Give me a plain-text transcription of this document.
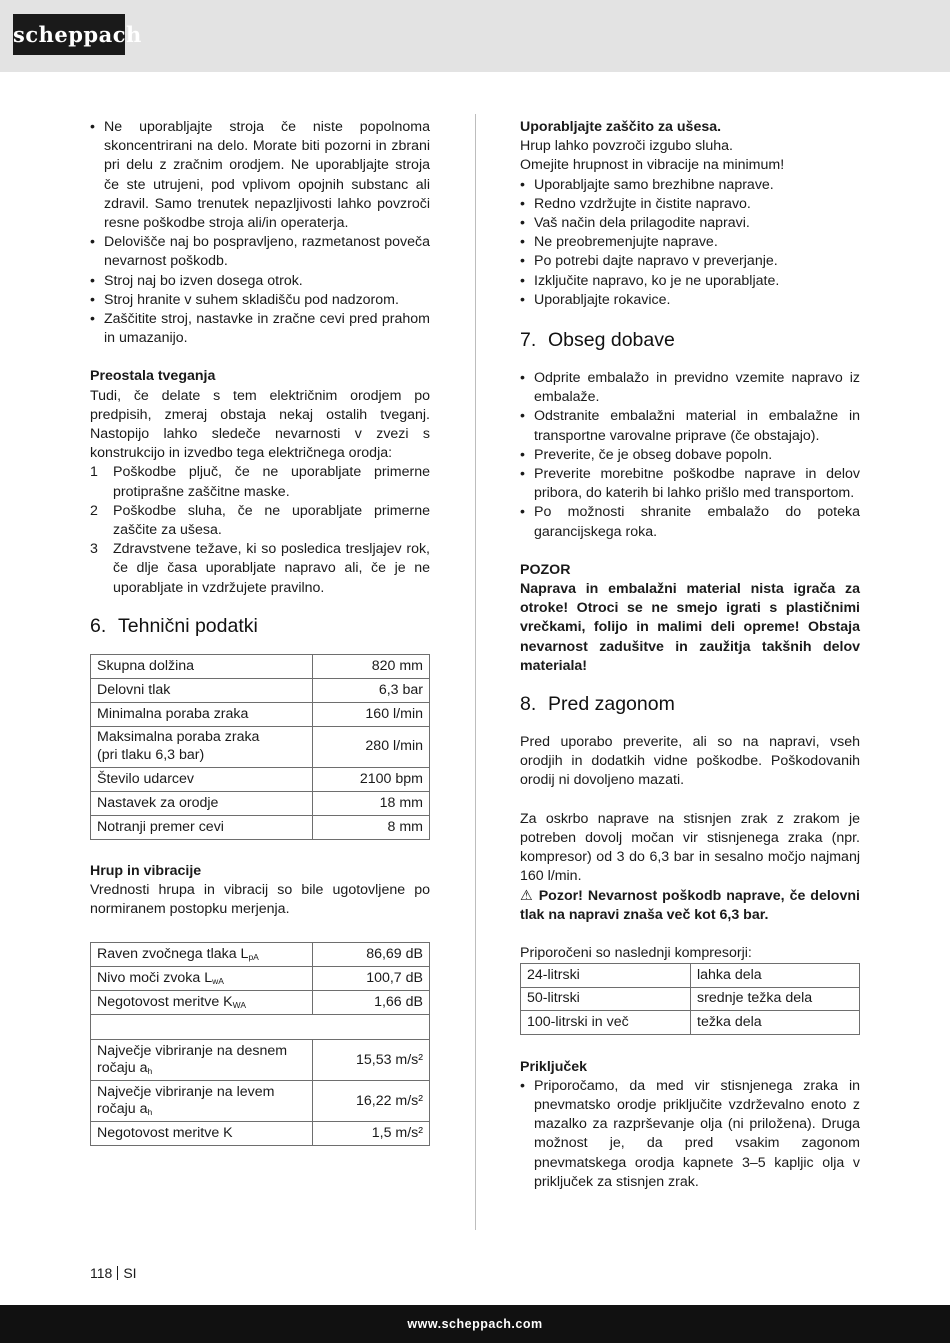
scheppach
• Ne uporabljajte stroja če niste popolnoma skoncentrirani na delo. Morate biti pozorni in zbrani pri delu z zračnim orodjem. Ne uporabljajte stroja če ste utrujeni, pod vplivom opojnih substanc ali zdravil. Samo trenutek nepazljivosti lahko povzroči resne poškodbe stroja ali/in operaterja.
• Delovišče naj bo pospravljeno, razmetanost poveča nevarnost poškodb.
• Stroj naj bo izven dosega otrok.
• Stroj hranite v suhem skladišču pod nadzorom.
• Zaščitite stroj, nastavke in zračne cevi pred prahom in umazanijo.
Preostala tveganja

Tudi, če delate s tem električnim orodjem po predpisih, zmeraj obstaja nekaj ostalih tveganj. Nastopijo lahko sledeče nevarnosti v zvezi s konstrukcijo in izvedbo tega električnega orodja:

1 Poškodbe pljuč, če ne uporabljate primerne protiprašne zaščitne maske.
2 Poškodbe sluha, če ne uporabljate primerne zaščite za ušesa.
3 Zdravstvene težave, ki so posledica tresljajev rok, če dlje časa uporabljate napravo ali, če je ne uporabljate in vzdržujete pravilno.
6. Tehnični podatki
Skupna dolžina	820 mm
Delovni tlak	6,3 bar
Minimalna poraba zraka	160 l/min
Maksimalna poraba zraka
(pri tlaku 6,3 bar)	280 l/min
Število udarcev	2100 bpm
Nastavek za orodje	18 mm
Notranji premer cevi	8 mm
Hrup in vibracije

Vrednosti hrupa in vibracij so bile ugotovljene po normiranem postopku merjenja.

Raven zvočnega tlaka $L_{pA}$	86,69 dB
Nivo moči zvoka $L_{wA}$	100,7 dB
Negotovost meritve $K_{WA}$	1,66 dB

Največje vibriranje na desnem ročaju $a_h$	15,53 m/s²
Največje vibriranje na levem ročaju $a_h$	16,22 m/s²
Negotovost meritve K	1,5 m/s²
Uporabljajte zaščito za ušesa.

Hrup lahko povzroči izgubo sluha.

Omejite hrupnost in vibracije na minimum!

• Uporabljajte samo brezhibne naprave.
• Redno vzdržujte in čistite napravo.
• Vaš način dela prilagodite napravi.
• Ne preobremenjujte naprave.
• Po potrebi dajte napravo v preverjanje.
• Izključite napravo, ko je ne uporabljate.
• Uporabljajte rokavice.
7. Obseg dobave
• Odprite embalažo in previdno vzemite napravo iz embalaže.
• Odstranite embalažni material in embalažne in transportne varovalne priprave (če obstajajo).
• Preverite, če je obseg dobave popoln.
• Preverite morebitne poškodbe naprave in delov pribora, do katerih bi lahko prišlo med transportom.
• Po možnosti shranite embalažo do poteka garancijskega roka.
POZOR

Naprava in embalažni material nista igrača za otroke! Otroci se ne smejo igrati s plastičnimi vrečkami, folijo in malimi deli opreme! Obstaja nevarnost zadušitve in zaužitja takšnih delov materiala!

8. Pred zagonom

Pred uporabo preverite, ali so na napravi, vseh orodjih in dodatkih vidne poškodbe. Poškodovanih orodij ni dovoljeno mazati.

Za oskrbo naprave na stisnjen zrak z zrakom je potreben dovolj močan vir stisnjenega zraka (npr. kompresor) od 3 do 6,3 bar in sesalno močjo najmanj 160 l/min.

⚠ Pozor! Nevarnost poškodb naprave, če delovni tlak na napravi znaša več kot 6,3 bar.

Priporočeni so naslednji kompresorji:

24-litrski	lahka dela
50-litrski	srednje težka dela
100-litrski in več	težka dela
Priključek
• Priporočamo, da med vir stisnjenega zraka in pnevmatsko orodje priključite vzdrževalno enoto z mazalko za razprševanje olja (ni priložena). Druga možnost je, da pred vsakim zagonom pnevmatskega orodja kapnete 3–5 kapljic olja v priključek za stisnjen zrak.
118 SI
www.scheppach.com
